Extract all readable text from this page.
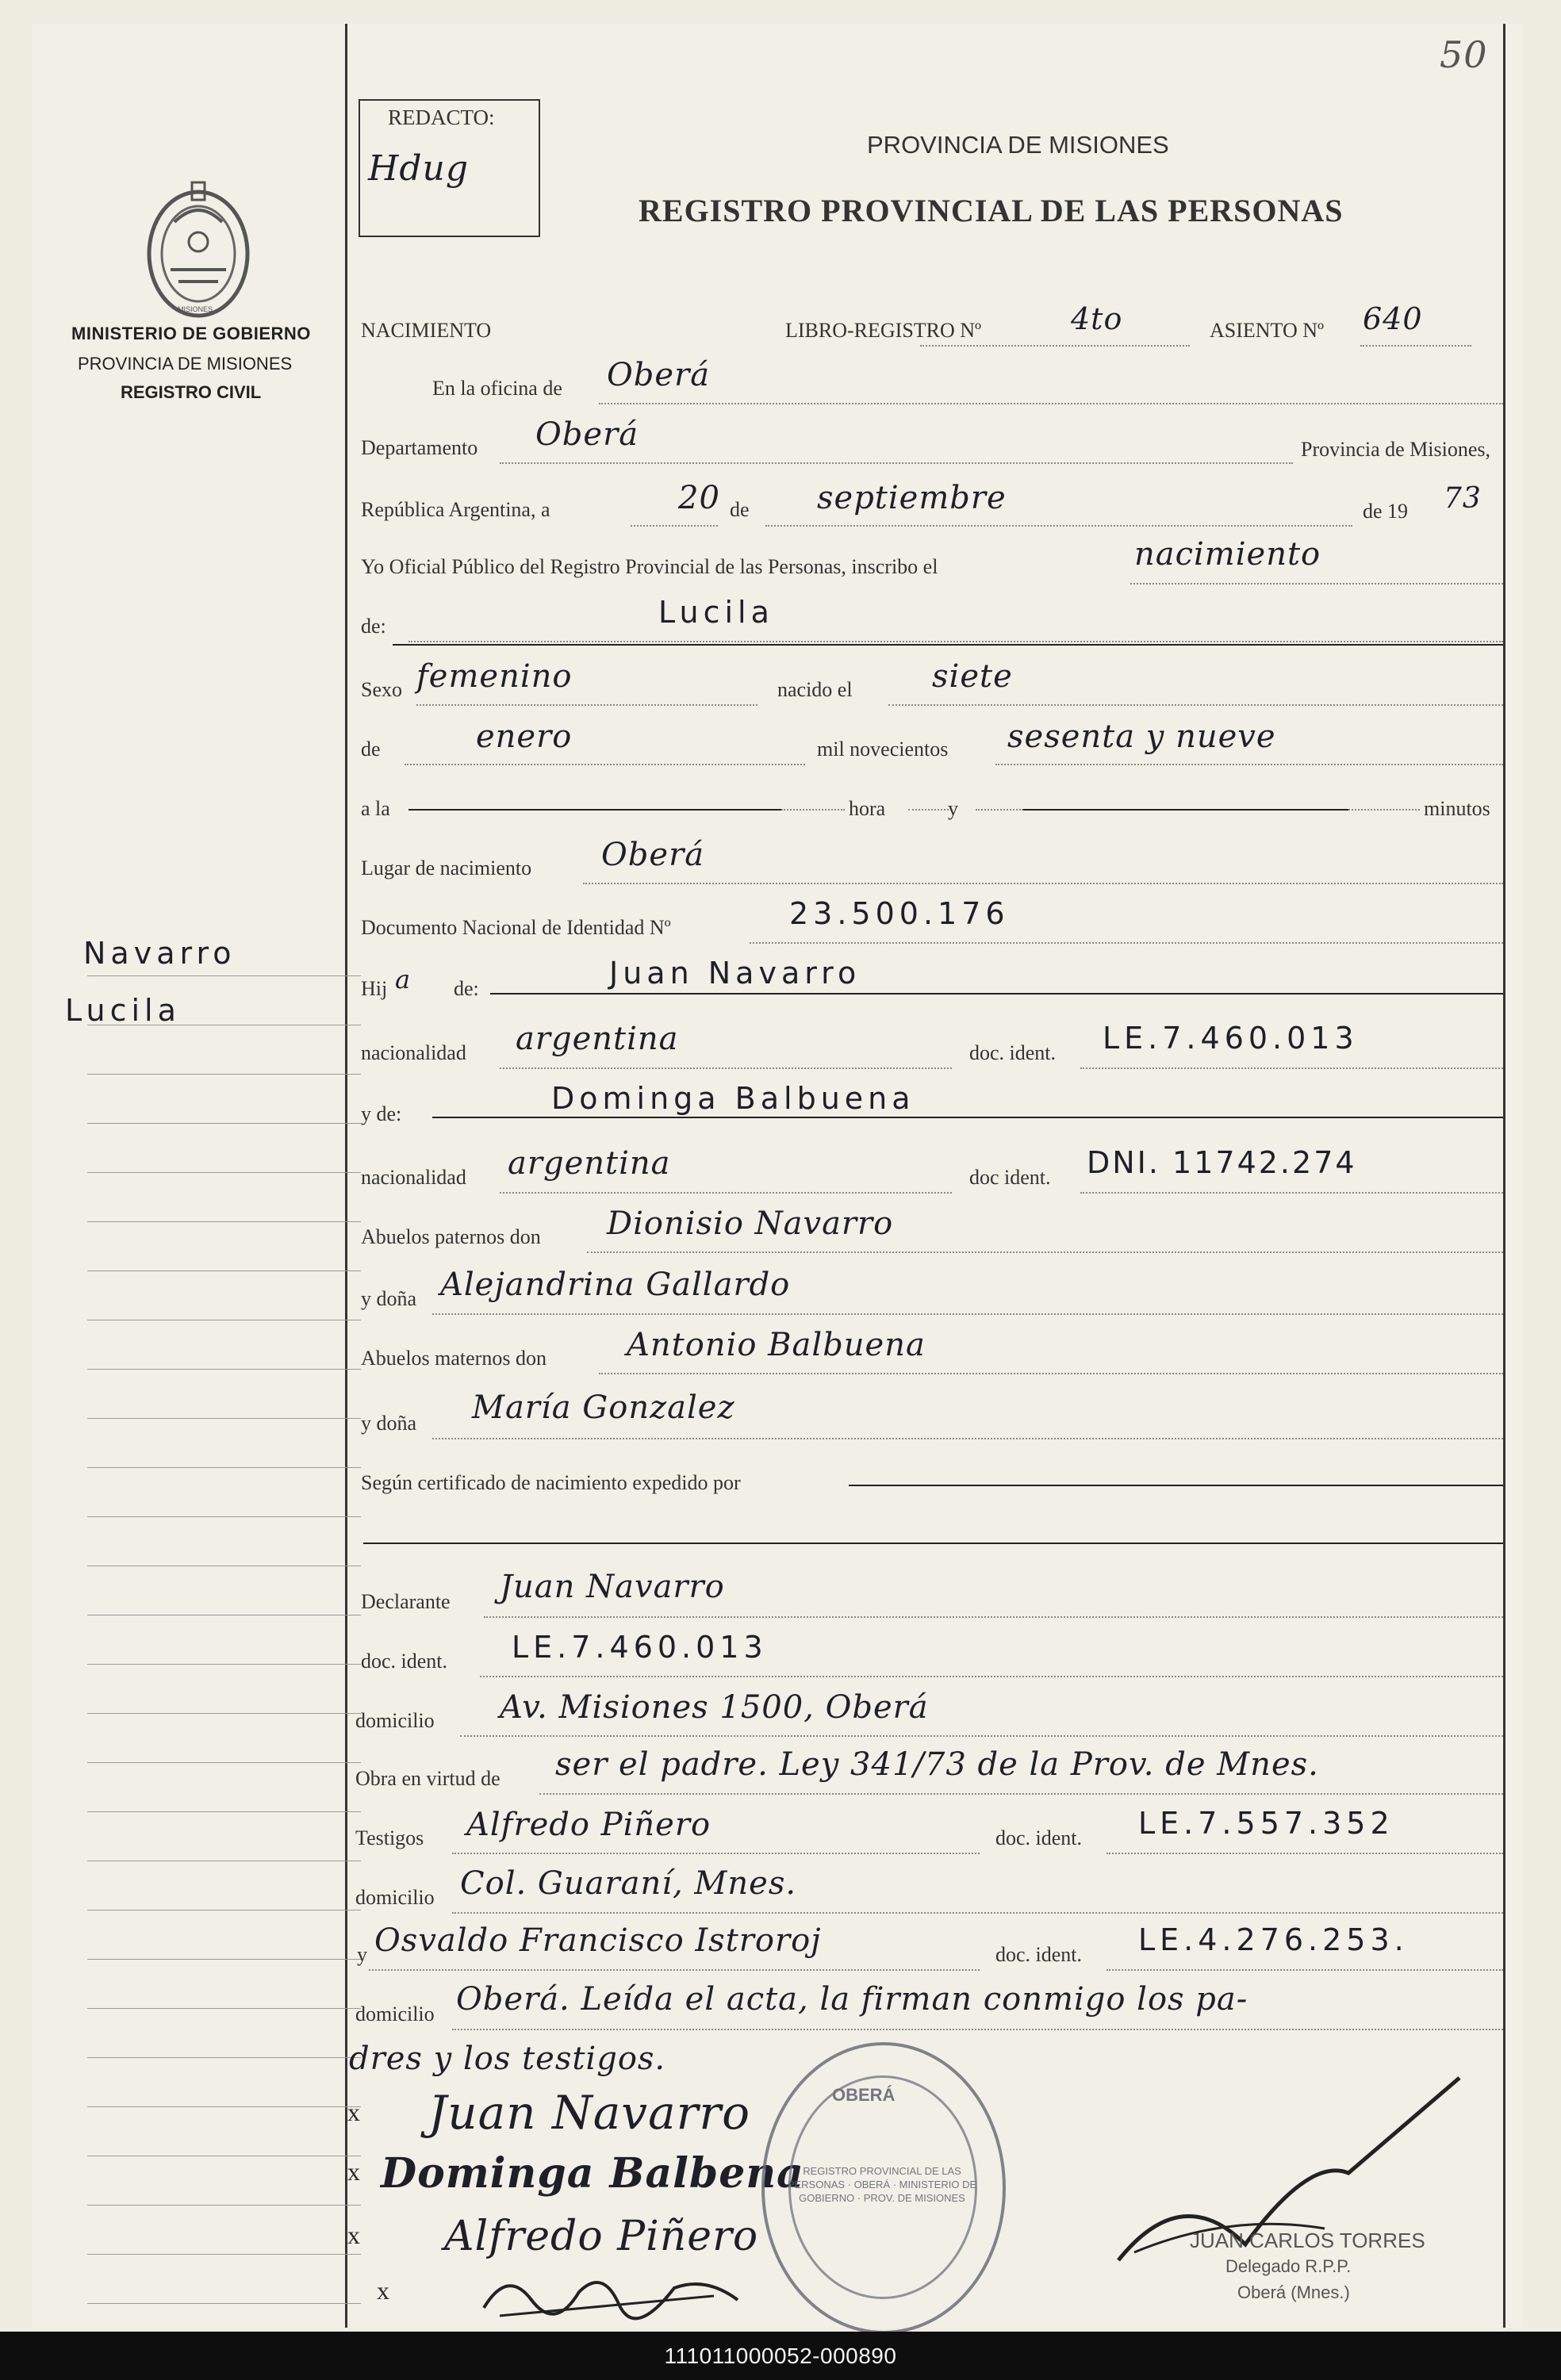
50
MISIONES
MINISTERIO DE GOBIERNO
PROVINCIA DE MISIONES
REGISTRO CIVIL
Navarro
Lucila
REDACTO:
Hdug
PROVINCIA DE MISIONES
REGISTRO PROVINCIAL DE LAS PERSONAS
NACIMIENTO	LIBRO-REGISTRO Nº	4to	ASIENTO Nº 640
En la oficina de Oberá
Departamento Oberá	Provincia de Misiones,
República Argentina, a	20 de septiembre	de 19 73
Yo Oficial Público del Registro Provincial de las Personas, inscribo el	nacimiento
de:	Lucila
Sexo femenino	nacido el	siete
de	enero	mil novecientos sesenta y nueve
a la	hora	y	minutos
Lugar de nacimiento Oberá
Documento Nacional de Identidad Nº	23.500.176
Hij a de:	Juan Navarro
nacionalidad argentina	doc. ident. LE.7.460.013
y de:	Dominga Balbuena
nacionalidad argentina	doc ident. DNI. 11742.274
Abuelos paternos don Dionisio Navarro
y doña Alejandrina Gallardo
Abuelos maternos don	Antonio Balbuena
y doña María Gonzalez
Según certificado de nacimiento expedido por
Declarante Juan Navarro
doc. ident. LE.7.460.013
domicilio Av. Misiones 1500, Oberá
Obra en virtud de ser el padre. Ley 341/73 de la Prov. de Mnes.
Testigos Alfredo Piñero	doc. ident. LE.7.557.352
domicilio Col. Guaraní, Mnes.
y Osvaldo Francisco Istroroj	doc. ident. LE.4.276.253.
domicilio Oberá. Leída el acta, la firman conmigo los pa-
dres y los testigos.
x
x
x
x
Juan Navarro
Dominga Balbena
Alfredo Piñero
OBERÁ
REGISTRO PROVINCIAL DE LAS PERSONAS · OBERÁ · MINISTERIO DE GOBIERNO · PROV. DE MISIONES
JUAN CARLOS TORRES
Delegado R.P.P.
Oberá (Mnes.)
111011000052-000890
